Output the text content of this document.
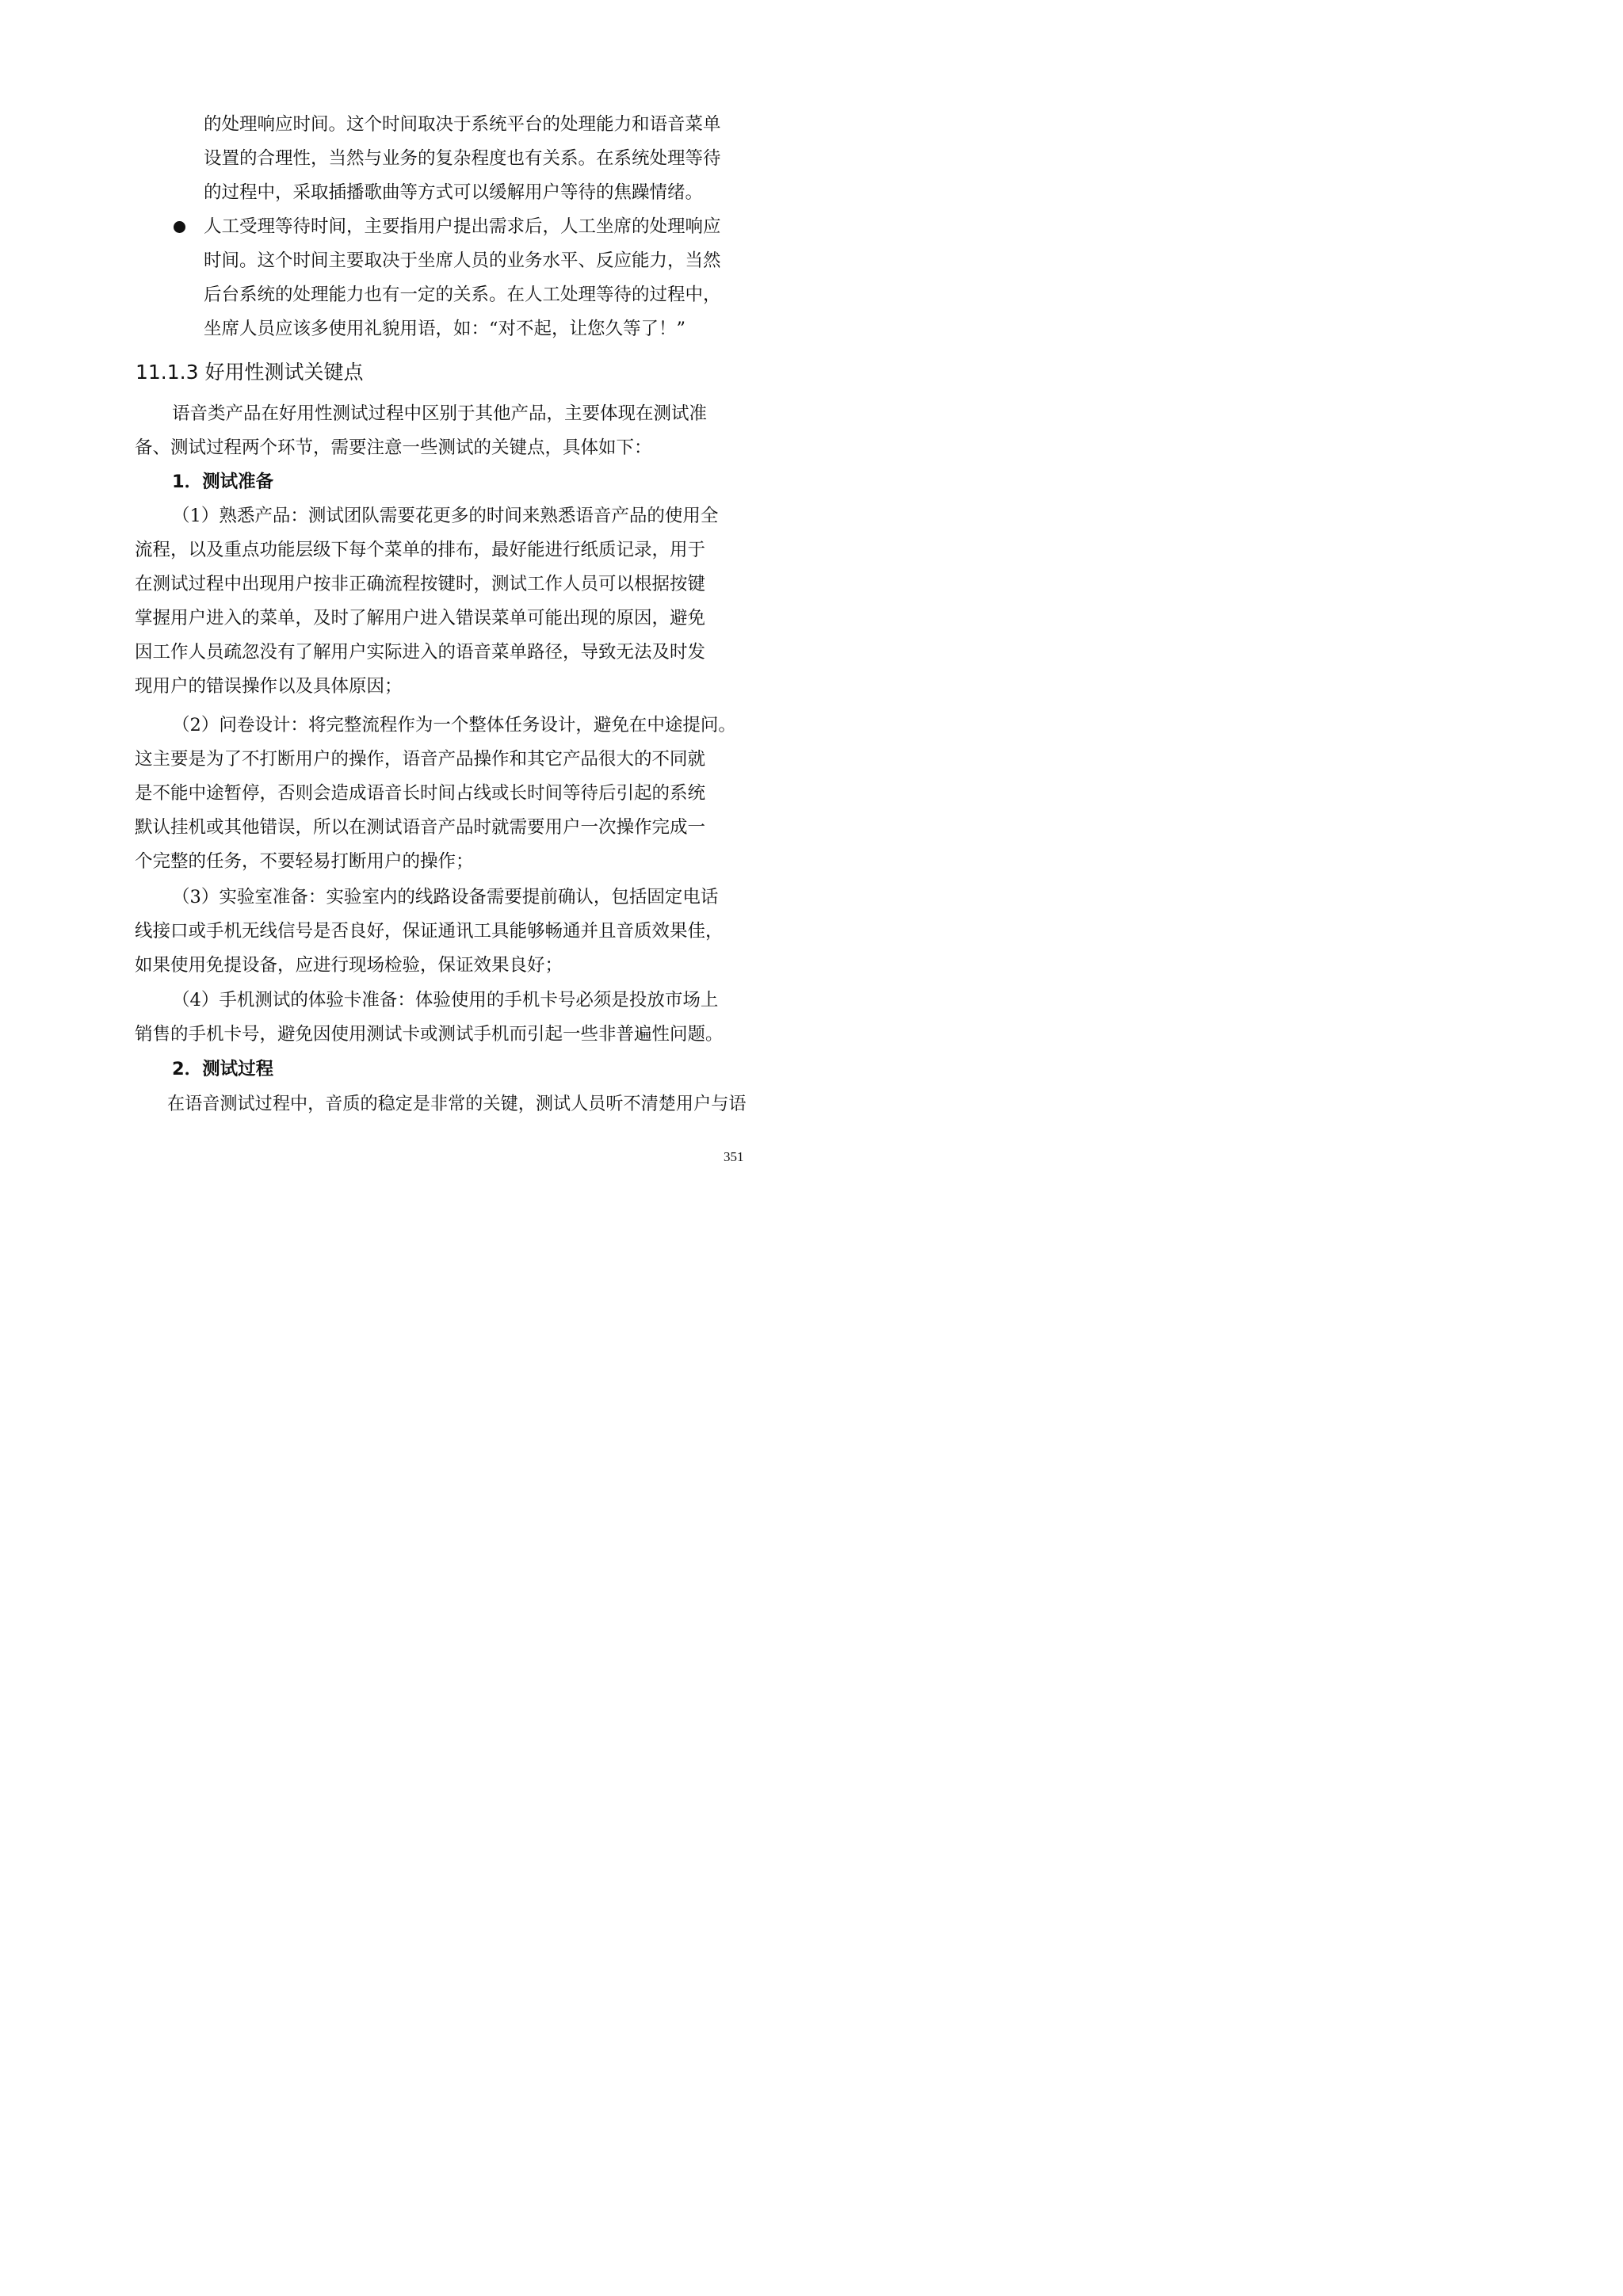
的处理响应时间。这个时间取决于系统平台的处理能力和语音菜单
设置的合理性，当然与业务的复杂程度也有关系。在系统处理等待
的过程中，采取插播歌曲等方式可以缓解用户等待的焦躁情绪。
人工受理等待时间，主要指用户提出需求后，人工坐席的处理响应
时间。这个时间主要取决于坐席人员的业务水平、反应能力，当然
后台系统的处理能力也有一定的关系。在人工处理等待的过程中，
坐席人员应该多使用礼貌用语，如：“对不起，让您久等了！”
11.1.3 好用性测试关键点
语音类产品在好用性测试过程中区别于其他产品，主要体现在测试准
备、测试过程两个环节，需要注意一些测试的关键点，具体如下：
1．测试准备
（1）熟悉产品：测试团队需要花更多的时间来熟悉语音产品的使用全
流程，以及重点功能层级下每个菜单的排布，最好能进行纸质记录，用于
在测试过程中出现用户按非正确流程按键时，测试工作人员可以根据按键
掌握用户进入的菜单，及时了解用户进入错误菜单可能出现的原因，避免
因工作人员疏忽没有了解用户实际进入的语音菜单路径，导致无法及时发
现用户的错误操作以及具体原因；
（2）问卷设计：将完整流程作为一个整体任务设计，避免在中途提问。
这主要是为了不打断用户的操作，语音产品操作和其它产品很大的不同就
是不能中途暂停，否则会造成语音长时间占线或长时间等待后引起的系统
默认挂机或其他错误，所以在测试语音产品时就需要用户一次操作完成一
个完整的任务，不要轻易打断用户的操作；
（3）实验室准备：实验室内的线路设备需要提前确认，包括固定电话
线接口或手机无线信号是否良好，保证通讯工具能够畅通并且音质效果佳，
如果使用免提设备，应进行现场检验，保证效果良好；
（4）手机测试的体验卡准备：体验使用的手机卡号必须是投放市场上
销售的手机卡号，避免因使用测试卡或测试手机而引起一些非普遍性问题。
2．测试过程
在语音测试过程中，音质的稳定是非常的关键，测试人员听不清楚用户与语
351
